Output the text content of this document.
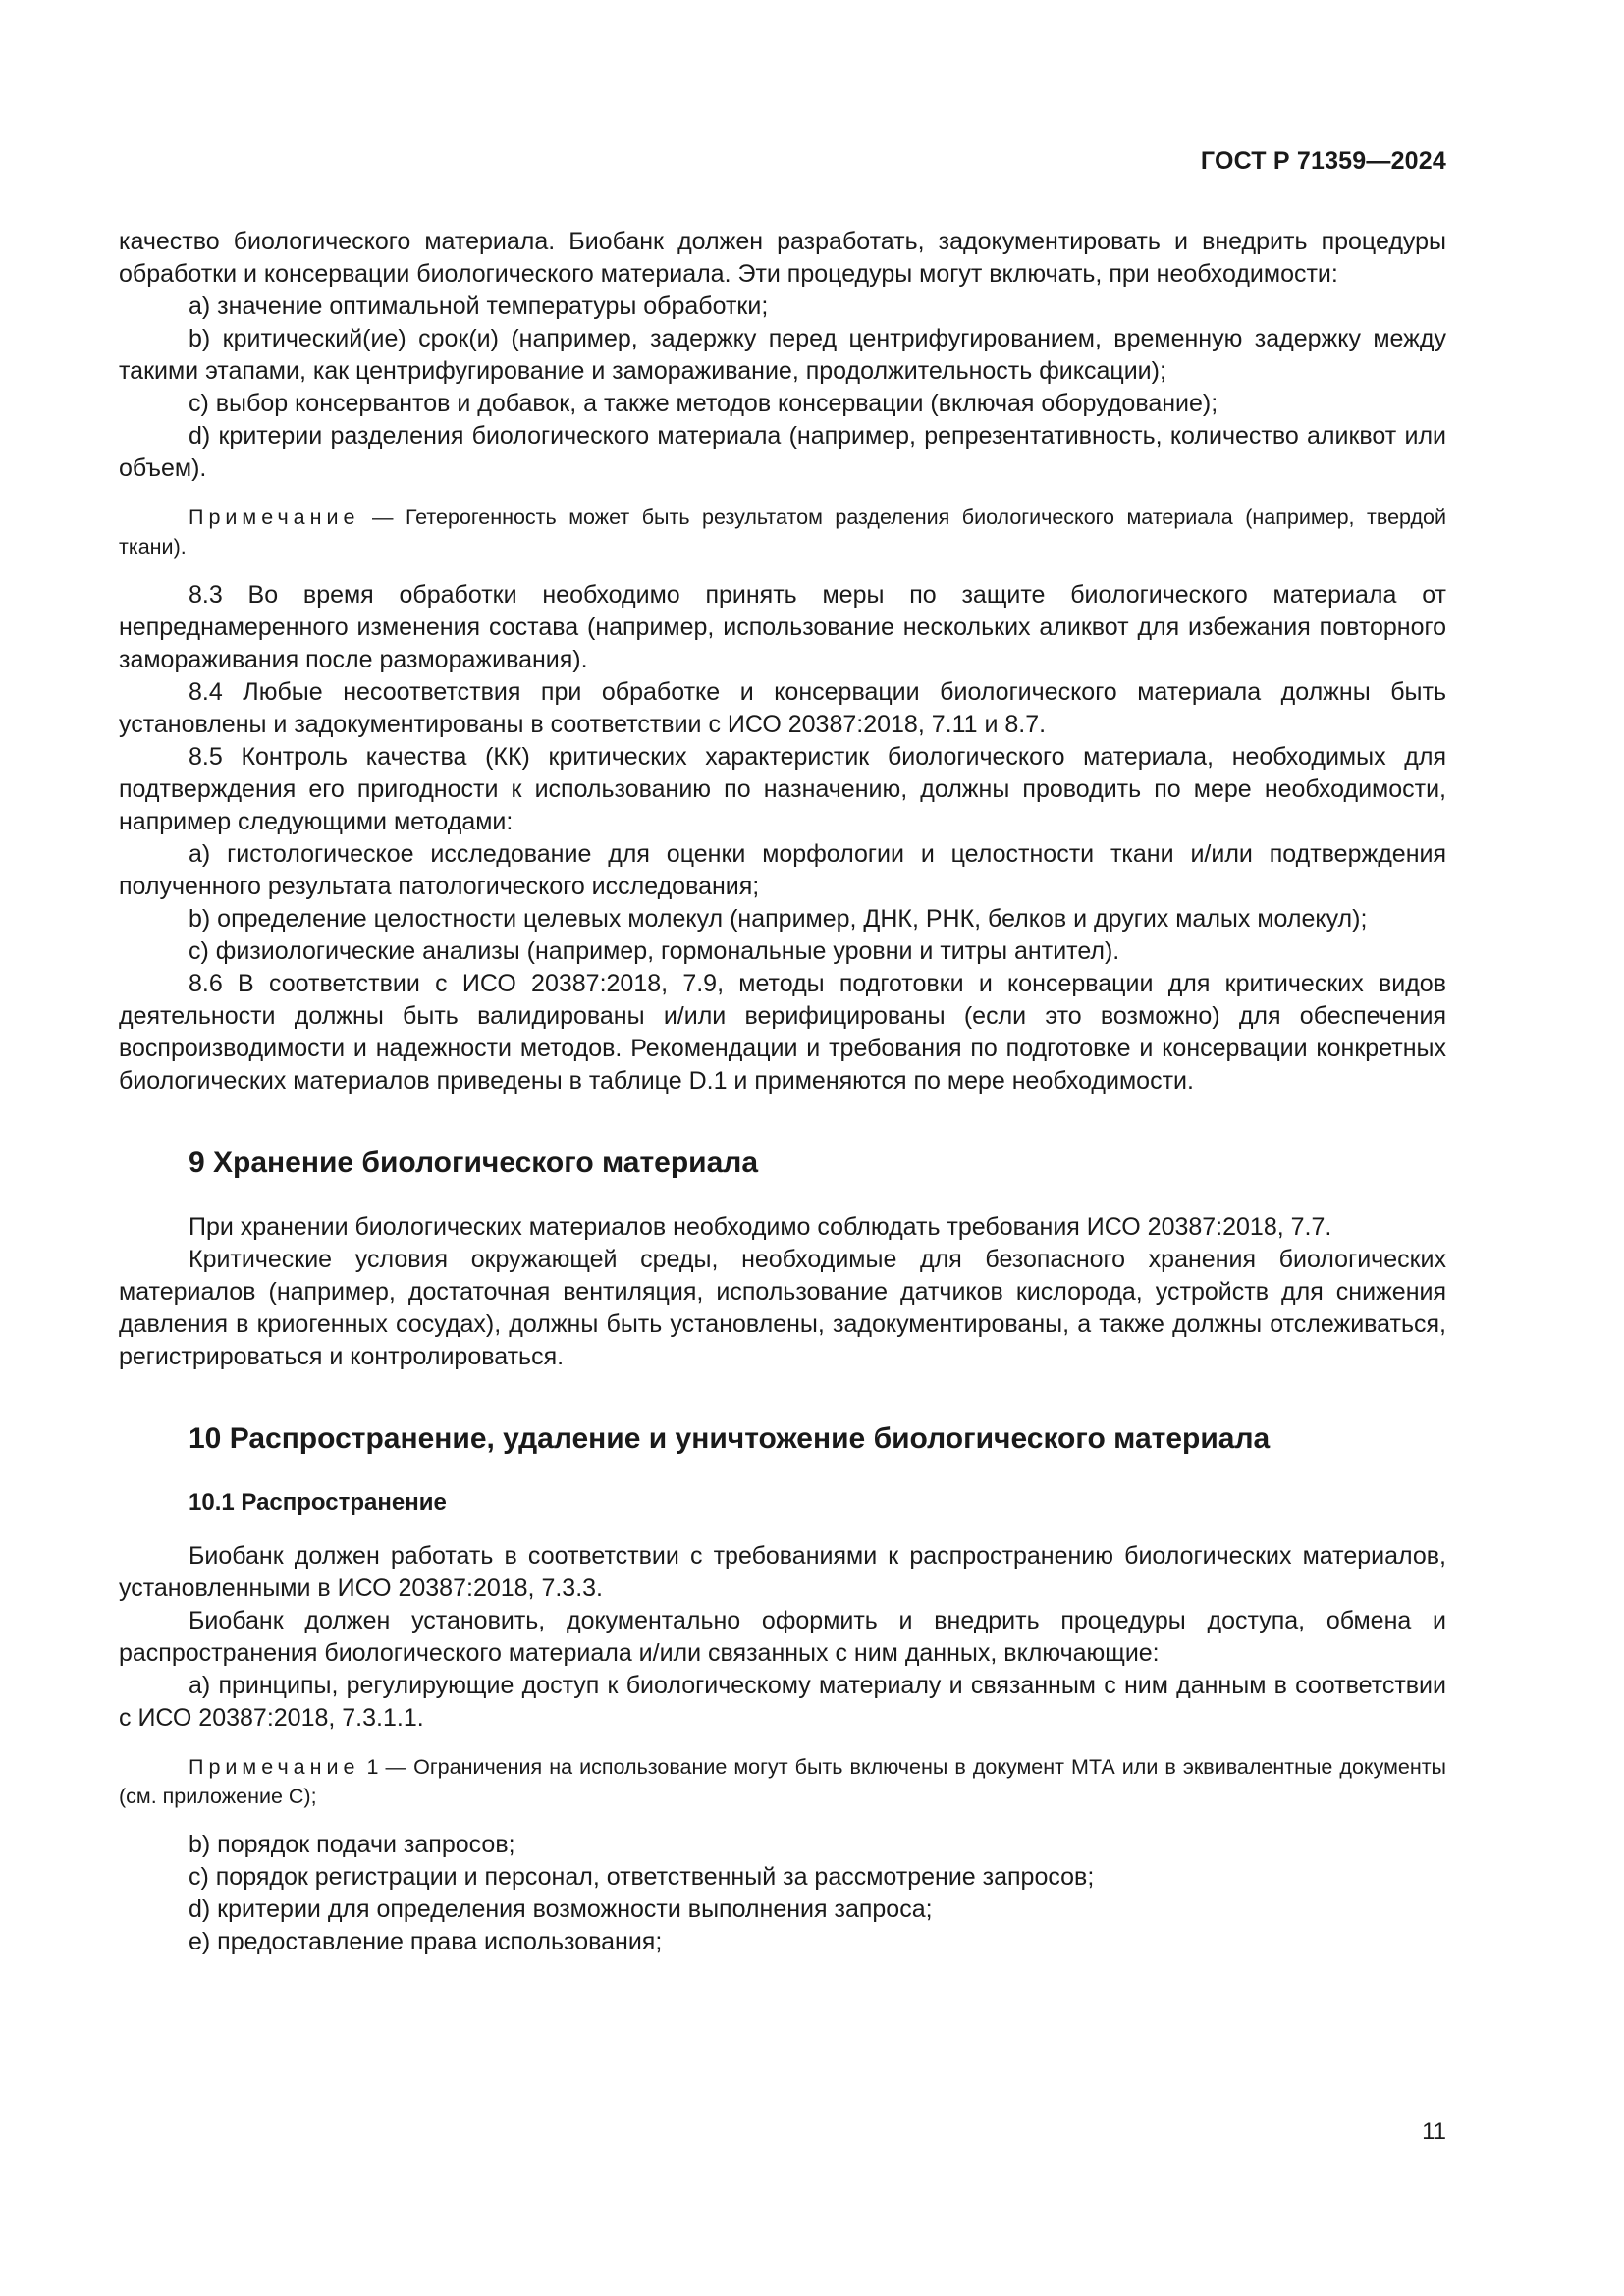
ГОСТ Р 71359—2024

качество биологического материала. Биобанк должен разработать, задокументировать и внедрить процедуры обработки и консервации биологического материала. Эти процедуры могут включать, при необходимости:

a) значение оптимальной температуры обработки;

b) критический(ие) срок(и) (например, задержку перед центрифугированием, временную задержку между такими этапами, как центрифугирование и замораживание, продолжительность фиксации);

c) выбор консервантов и добавок, а также методов консервации (включая оборудование);

d) критерии разделения биологического материала (например, репрезентативность, количество аликвот или объем).

Примечание — Гетерогенность может быть результатом разделения биологического материала (например, твердой ткани).

8.3 Во время обработки необходимо принять меры по защите биологического материала от непреднамеренного изменения состава (например, использование нескольких аликвот для избежания повторного замораживания после размораживания).

8.4 Любые несоответствия при обработке и консервации биологического материала должны быть установлены и задокументированы в соответствии с ИСО 20387:2018, 7.11 и 8.7.

8.5 Контроль качества (КК) критических характеристик биологического материала, необходимых для подтверждения его пригодности к использованию по назначению, должны проводить по мере необходимости, например следующими методами:

a) гистологическое исследование для оценки морфологии и целостности ткани и/или подтверждения полученного результата патологического исследования;

b) определение целостности целевых молекул (например, ДНК, РНК, белков и других малых молекул);

c) физиологические анализы (например, гормональные уровни и титры антител).

8.6 В соответствии с ИСО 20387:2018, 7.9, методы подготовки и консервации для критических видов деятельности должны быть валидированы и/или верифицированы (если это возможно) для обеспечения воспроизводимости и надежности методов. Рекомендации и требования по подготовке и консервации конкретных биологических материалов приведены в таблице D.1 и применяются по мере необходимости.

9 Хранение биологического материала

При хранении биологических материалов необходимо соблюдать требования ИСО 20387:2018, 7.7.

Критические условия окружающей среды, необходимые для безопасного хранения биологических материалов (например, достаточная вентиляция, использование датчиков кислорода, устройств для снижения давления в криогенных сосудах), должны быть установлены, задокументированы, а также должны отслеживаться, регистрироваться и контролироваться.

10 Распространение, удаление и уничтожение биологического материала
10.1 Распространение

Биобанк должен работать в соответствии с требованиями к распространению биологических материалов, установленными в ИСО 20387:2018, 7.3.3.

Биобанк должен установить, документально оформить и внедрить процедуры доступа, обмена и распространения биологического материала и/или связанных с ним данных, включающие:

a) принципы, регулирующие доступ к биологическому материалу и связанным с ним данным в соответствии с ИСО 20387:2018, 7.3.1.1.

Примечание 1 — Ограничения на использование могут быть включены в документ МТА или в эквивалентные документы (см. приложение C);

b) порядок подачи запросов;

c) порядок регистрации и персонал, ответственный за рассмотрение запросов;

d) критерии для определения возможности выполнения запроса;

e) предоставление права использования;

11
